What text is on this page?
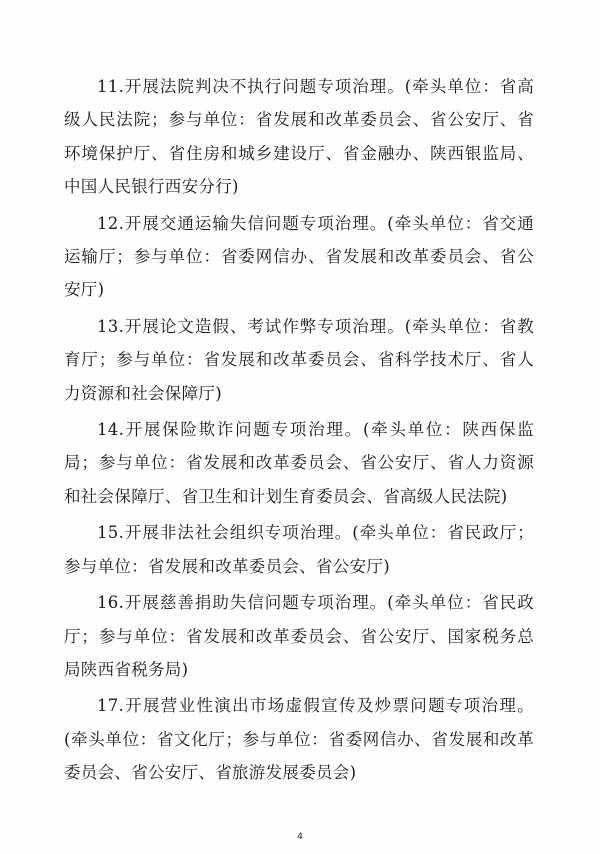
11.开展法院判决不执行问题专项治理。(牵头单位：省高级人民法院；参与单位：省发展和改革委员会、省公安厅、省环境保护厅、省住房和城乡建设厅、省金融办、陕西银监局、中国人民银行西安分行)

12.开展交通运输失信问题专项治理。(牵头单位：省交通运输厅；参与单位：省委网信办、省发展和改革委员会、省公安厅)

13.开展论文造假、考试作弊专项治理。(牵头单位：省教育厅；参与单位：省发展和改革委员会、省科学技术厅、省人力资源和社会保障厅)

14.开展保险欺诈问题专项治理。(牵头单位：陕西保监局；参与单位：省发展和改革委员会、省公安厅、省人力资源和社会保障厅、省卫生和计划生育委员会、省高级人民法院)

15.开展非法社会组织专项治理。(牵头单位：省民政厅；参与单位：省发展和改革委员会、省公安厅)

16.开展慈善捐助失信问题专项治理。(牵头单位：省民政厅；参与单位：省发展和改革委员会、省公安厅、国家税务总局陕西省税务局)

17.开展营业性演出市场虚假宣传及炒票问题专项治理。(牵头单位：省文化厅；参与单位：省委网信办、省发展和改革委员会、省公安厅、省旅游发展委员会)

4
